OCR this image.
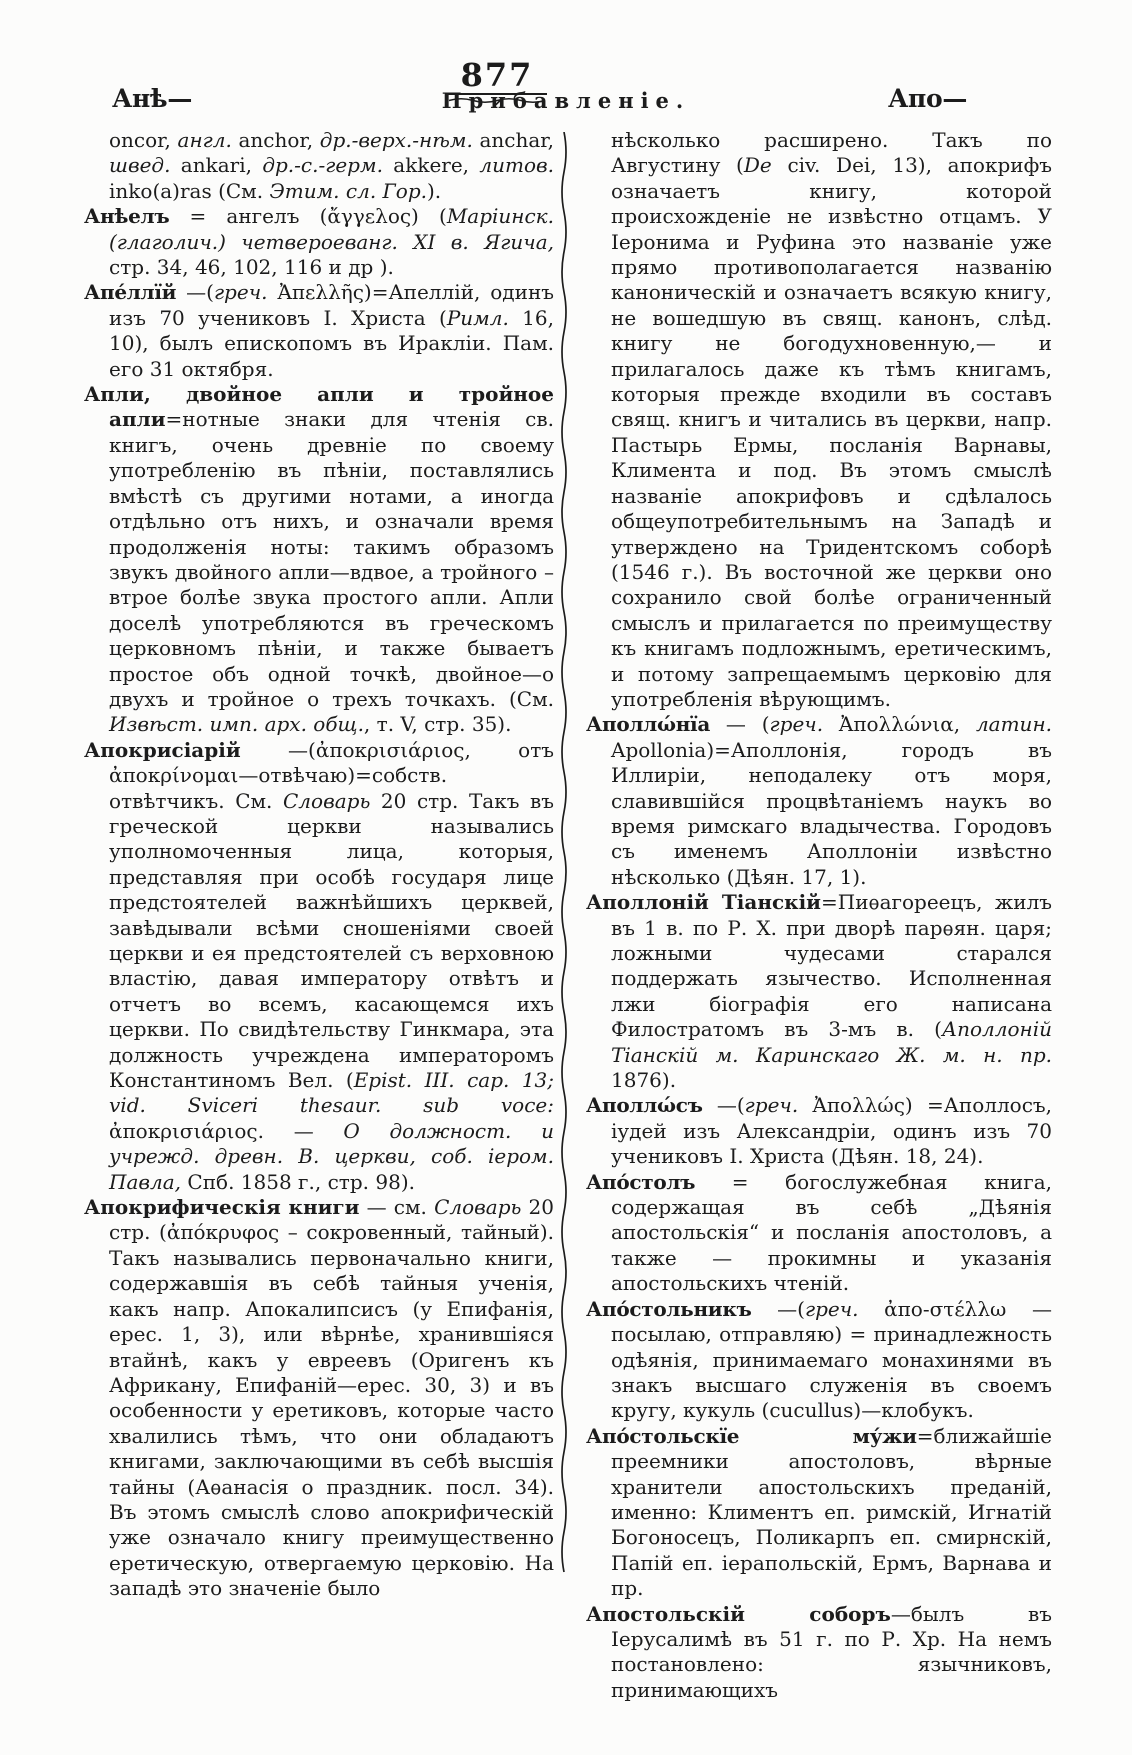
877
Анѣ—	Прибавленіе.	Апо—
oncor, англ. anchor, др.-верх.-нѣм. anchar, швед. ankari, др.-с.-герм. akkere, литов. inko(a)ras (См. Этим. сл. Гор.).
Анѣелъ = ангелъ (ἄγγελος) (Маріинск. (глаголич.) четвероеванг. XI в. Ягича, стр. 34, 46, 102, 116 и др ).
Апе́ллїй —(греч. Ἀπελλῆς)=Апеллій, одинъ изъ 70 учениковъ І. Христа (Римл. 16, 10), былъ епископомъ въ Иракліи. Пам. его 31 октября.
Апли, двойное апли и тройное апли=нотные знаки для чтенія св. книгъ, очень древніе по своему употребленію въ пѣніи, поставлялись вмѣстѣ съ другими нотами, а иногда отдѣльно отъ нихъ, и означали время продолженія ноты: такимъ образомъ звукъ двойного апли—вдвое, а тройного – втрое болѣе звука простого апли. Апли доселѣ употребляются въ греческомъ церковномъ пѣніи, и также бываетъ простое объ одной точкѣ, двойное—о двухъ и тройное о трехъ точкахъ. (См. Извѣст. имп. арх. общ., т. V, стр. 35).
Апокрисіарій —(ἀποκρισιάριος, отъ ἀποκρίνομαι—отвѣчаю)=собств. отвѣтчикъ. См. Словарь 20 стр. Такъ въ греческой церкви назывались уполномоченныя лица, которыя, представляя при особѣ государя лице предстоятелей важнѣйшихъ церквей, завѣдывали всѣми сношеніями своей церкви и ея предстоятелей съ верховною властію, давая императору отвѣтъ и отчетъ во всемъ, касающемся ихъ церкви. По свидѣтельству Гинкмара, эта должность учреждена императоромъ Константиномъ Вел. (Epist. III. cap. 13; vid. Sviceri thesaur. sub voce: ἀποκρισιάριος. — О должност. и учрежд. древн. В. церкви, соб. іером. Павла, Спб. 1858 г., стр. 98).
Апокрифическія книги — см. Словарь 20 стр. (ἀπόκρυφος – сокровенный, тайный). Такъ назывались первоначально книги, содержавшія въ себѣ тайныя ученія, какъ напр. Апокалипсисъ (у Епифанія, ерес. 1, 3), или вѣрнѣе, хранившіяся втайнѣ, какъ у евреевъ (Оригенъ къ Африкану, Епифаній—ерес. 30, 3) и въ особенности у еретиковъ, которые часто хвалились тѣмъ, что они обладаютъ книгами, заключающими въ себѣ высшія тайны (Аѳанасія о праздник. посл. 34). Въ этомъ смыслѣ слово апокрифическій уже означало книгу преимущественно еретическую, отвергаемую церковію. На западѣ это значеніе было
нѣсколько расширено. Такъ по Августину (De civ. Dei, 13), апокрифъ означаетъ книгу, которой происхожденіе не извѣстно отцамъ. У Іеронима и Руфина это названіе уже прямо противополагается названію каноническій и означаетъ всякую книгу, не вошедшую въ свящ. канонъ, слѣд. книгу не богодухновенную,— и прилагалось даже къ тѣмъ книгамъ, которыя прежде входили въ составъ свящ. книгъ и читались въ церкви, напр. Пастырь Ермы, посланія Варнавы, Климента и под. Въ этомъ смыслѣ названіе апокрифовъ и сдѣлалось общеупотребительнымъ на Западѣ и утверждено на Тридентскомъ соборѣ (1546 г.). Въ восточной же церкви оно сохранило свой болѣе ограниченный смыслъ и прилагается по преимуществу къ книгамъ подложнымъ, еретическимъ, и потому запрещаемымъ церковію для употребленія вѣрующимъ.
Аполлώнїа — (греч. Ἀπολλώνια, латин. Apollonia)=Аполлонія, городъ въ Иллиріи, неподалеку отъ моря, славившійся процвѣтаніемъ наукъ во время римскаго владычества. Городовъ съ именемъ Аполлоніи извѣстно нѣсколько (Дѣян. 17, 1).
Аполлоній Тіанскій=Пиѳагореецъ, жилъ въ 1 в. по Р. Х. при дворѣ парѳян. царя; ложными чудесами старался поддержать язычество. Исполненная лжи біографія его написана Филостратомъ въ 3-мъ в. (Аполлоній Тіанскій м. Каринскаго Ж. м. н. пр. 1876).
Аполлώсъ —(греч. Ἀπολλώς) =Аполлосъ, іудей изъ Александріи, одинъ изъ 70 учениковъ І. Христа (Дѣян. 18, 24).
Апо́столъ = богослужебная книга, содержащая въ себѣ „Дѣянія апостольскія“ и посланія апостоловъ, а также — прокимны и указанія апостольскихъ чтеній.
Апо́стольникъ —(греч. ἀπο-στέλλω — посылаю, отправляю) = принадлежность одѣянія, принимаемаго монахинями въ знакъ высшаго служенія въ своемъ кругу, кукуль (cucullus)—клобукъ.
Апо́стольскїе му́жи=ближайшіе преемники апостоловъ, вѣрные хранители апостольскихъ преданій, именно: Климентъ еп. римскій, Игнатій Богоносецъ, Поликарпъ еп. смирнскій, Папій еп. іерапольскій, Ермъ, Варнава и пр.
Апостольскій соборъ—былъ въ Іерусалимѣ въ 51 г. по Р. Хр. На немъ постановлено: язычниковъ, принимающихъ
